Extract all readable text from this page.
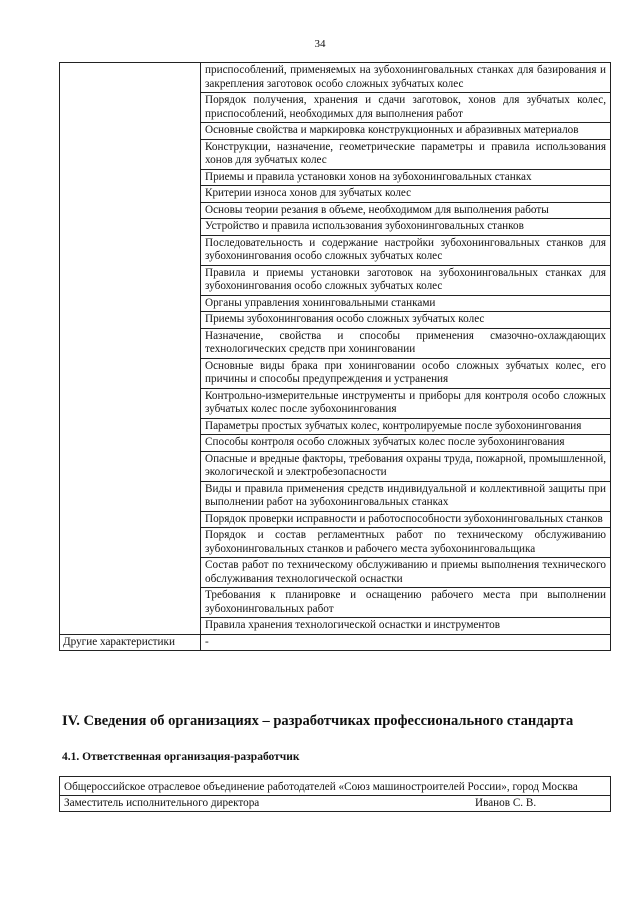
34
	приспособлений, применяемых на зубохонинговальных станках для базирования и закрепления заготовок особо сложных зубчатых колес
	Порядок получения, хранения и сдачи заготовок, хонов для зубчатых колес, приспособлений, необходимых для выполнения работ
	Основные свойства и маркировка конструкционных и абразивных материалов
	Конструкции, назначение, геометрические параметры и правила использования хонов для зубчатых колес
	Приемы и правила установки хонов на зубохонинговальных станках
	Критерии износа хонов для зубчатых колес
	Основы теории резания в объеме, необходимом для выполнения работы
	Устройство и правила использования зубохонинговальных станков
	Последовательность и содержание настройки зубохонинговальных станков для зубохонингования особо сложных зубчатых колес
	Правила и приемы установки заготовок на зубохонинговальных станках для зубохонингования особо сложных зубчатых колес
	Органы управления хонинговальными станками
	Приемы зубохонингования особо сложных зубчатых колес
	Назначение, свойства и способы применения смазочно-охлаждающих технологических средств при хонинговании
	Основные виды брака при хонинговании особо сложных зубчатых колес, его причины и способы предупреждения и устранения
	Контрольно-измерительные инструменты и приборы для контроля особо сложных зубчатых колес после зубохонингования
	Параметры простых зубчатых колес, контролируемые после зубохонингования
	Способы контроля особо сложных зубчатых колес после зубохонингования
	Опасные и вредные факторы, требования охраны труда, пожарной, промышленной, экологической и электробезопасности
	Виды и правила применения средств индивидуальной и коллективной защиты при выполнении работ на зубохонинговальных станках
	Порядок проверки исправности и работоспособности зубохонинговальных станков
	Порядок и состав регламентных работ по техническому обслуживанию зубохонинговальных станков и рабочего места зубохонинговальщика
	Состав работ по техническому обслуживанию и приемы выполнения технического обслуживания технологической оснастки
	Требования к планировке и оснащению рабочего места при выполнении зубохонинговальных работ
	Правила хранения технологической оснастки и инструментов
Другие характеристики	-
IV. Сведения об организациях – разработчиках профессионального стандарта
4.1. Ответственная организация-разработчик
Общероссийское отраслевое объединение работодателей «Союз машиностроителей России», город Москва

Заместитель исполнительного директора	Иванов С. В.
